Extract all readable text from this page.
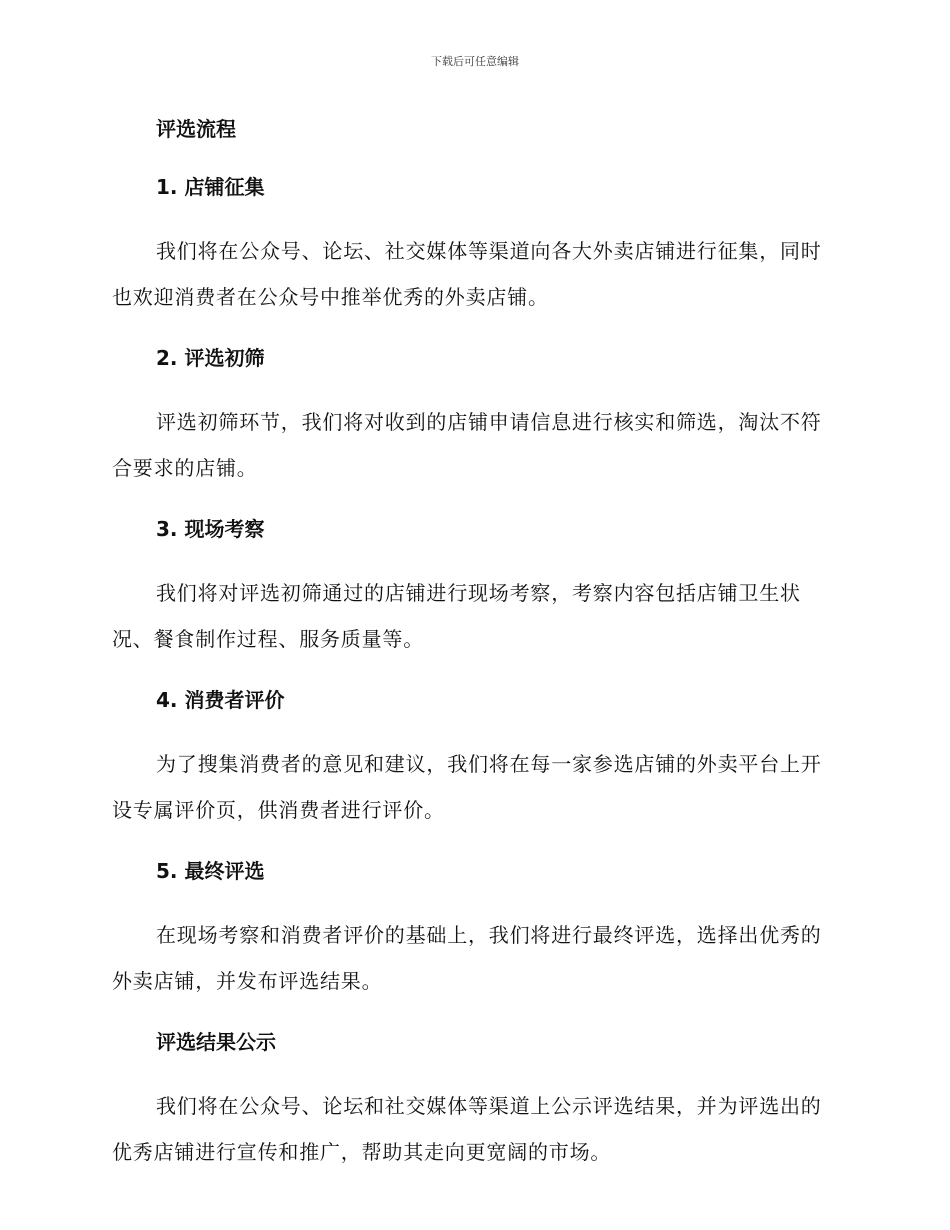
下载后可任意编辑
评选流程
1. 店铺征集
我们将在公众号、论坛、社交媒体等渠道向各大外卖店铺进行征集，同时也欢迎消费者在公众号中推举优秀的外卖店铺。
2. 评选初筛
评选初筛环节，我们将对收到的店铺申请信息进行核实和筛选，淘汰不符合要求的店铺。
3. 现场考察
我们将对评选初筛通过的店铺进行现场考察，考察内容包括店铺卫生状况、餐食制作过程、服务质量等。
4. 消费者评价
为了搜集消费者的意见和建议，我们将在每一家参选店铺的外卖平台上开设专属评价页，供消费者进行评价。
5. 最终评选
在现场考察和消费者评价的基础上，我们将进行最终评选，选择出优秀的外卖店铺，并发布评选结果。
评选结果公示
我们将在公众号、论坛和社交媒体等渠道上公示评选结果，并为评选出的优秀店铺进行宣传和推广，帮助其走向更宽阔的市场。
